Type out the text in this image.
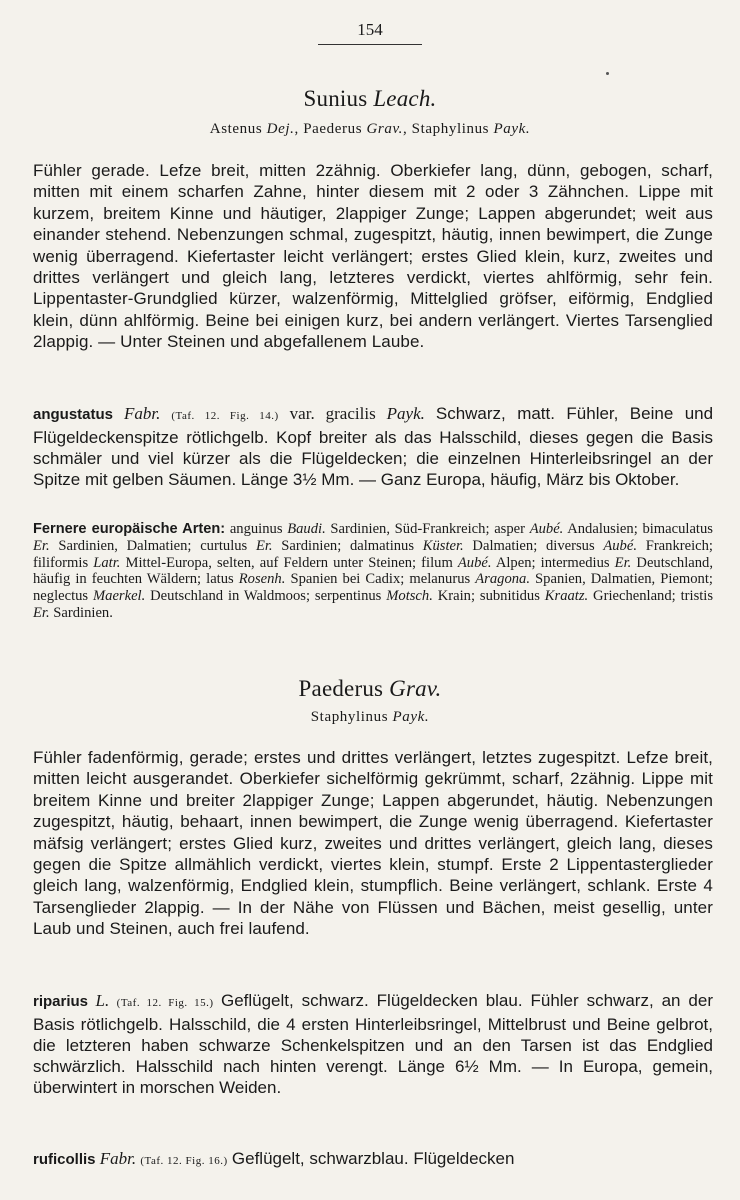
154
Sunius Leach.
Astenus Dej., Paederus Grav., Staphylinus Payk.
Fühler gerade. Lefze breit, mitten 2zähnig. Oberkiefer lang, dünn, gebogen, scharf, mitten mit einem scharfen Zahne, hinter diesem mit 2 oder 3 Zähnchen. Lippe mit kurzem, breitem Kinne und häutiger, 2lappiger Zunge; Lappen abgerundet; weit aus einander stehend. Nebenzungen schmal, zugespitzt, häutig, innen bewimpert, die Zunge wenig überragend. Kiefertaster leicht verlängert; erstes Glied klein, kurz, zweites und drittes verlängert und gleich lang, letzteres verdickt, viertes ahlförmig, sehr fein. Lippentaster-Grundglied kürzer, walzenförmig, Mittelglied gröfser, eiförmig, Endglied klein, dünn ahlförmig. Beine bei einigen kurz, bei andern verlängert. Viertes Tarsenglied 2lappig. — Unter Steinen und abgefallenem Laube.
angustatus Fabr. (Taf. 12. Fig. 14.) var. gracilis Payk. Schwarz, matt. Fühler, Beine und Flügeldeckenspitze rötlichgelb. Kopf breiter als das Halsschild, dieses gegen die Basis schmäler und viel kürzer als die Flügeldecken; die einzelnen Hinterleibsringel an der Spitze mit gelben Säumen. Länge 3½ Mm. — Ganz Europa, häufig, März bis Oktober.
Fernere europäische Arten: anguinus Baudi. Sardinien, Süd-Frankreich; asper Aubé. Andalusien; bimaculatus Er. Sardinien, Dalmatien; curtulus Er. Sardinien; dalmatinus Küster. Dalmatien; diversus Aubé. Frankreich; filiformis Latr. Mittel-Europa, selten, auf Feldern unter Steinen; filum Aubé. Alpen; intermedius Er. Deutschland, häufig in feuchten Wäldern; latus Rosenh. Spanien bei Cadix; melanurus Aragona. Spanien, Dalmatien, Piemont; neglectus Maerkel. Deutschland in Waldmoos; serpentinus Motsch. Krain; subnitidus Kraatz. Griechenland; tristis Er. Sardinien.
Paederus Grav.
Staphylinus Payk.
Fühler fadenförmig, gerade; erstes und drittes verlängert, letztes zugespitzt. Lefze breit, mitten leicht ausgerandet. Oberkiefer sichelförmig gekrümmt, scharf, 2zähnig. Lippe mit breitem Kinne und breiter 2lappiger Zunge; Lappen abgerundet, häutig. Nebenzungen zugespitzt, häutig, behaart, innen bewimpert, die Zunge wenig überragend. Kiefertaster mäfsig verlängert; erstes Glied kurz, zweites und drittes verlängert, gleich lang, dieses gegen die Spitze allmählich verdickt, viertes klein, stumpf. Erste 2 Lippentasterglieder gleich lang, walzenförmig, Endglied klein, stumpflich. Beine verlängert, schlank. Erste 4 Tarsenglieder 2lappig. — In der Nähe von Flüssen und Bächen, meist gesellig, unter Laub und Steinen, auch frei laufend.
riparius L. (Taf. 12. Fig. 15.) Geflügelt, schwarz. Flügeldecken blau. Fühler schwarz, an der Basis rötlichgelb. Halsschild, die 4 ersten Hinterleibsringel, Mittelbrust und Beine gelbrot, die letzteren haben schwarze Schenkelspitzen und an den Tarsen ist das Endglied schwärzlich. Halsschild nach hinten verengt. Länge 6½ Mm. — In Europa, gemein, überwintert in morschen Weiden.
ruficollis Fabr. (Taf. 12. Fig. 16.) Geflügelt, schwarzblau. Flügeldecken
